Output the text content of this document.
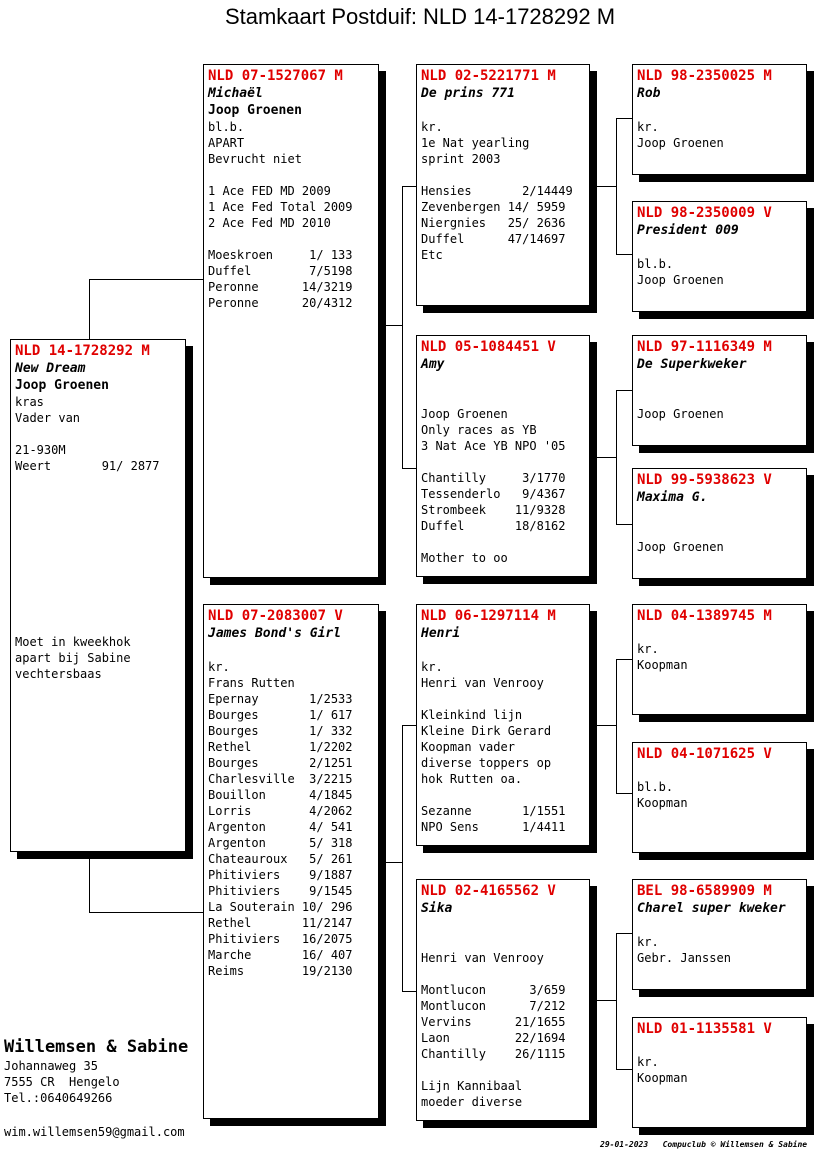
Stamkaart Postduif: NLD 14-1728292 M
NLD 14-1728292 M
New Dream
Joop Groenen
kras
Vader van
21-930M
Weert       91/ 2877
Moet in kweekhok
apart bij Sabine
vechtersbaas
NLD 07-1527067 M
Michaël
Joop Groenen
bl.b.
APART
Bevrucht niet
1 Ace FED MD 2009
1 Ace Fed Total 2009
2 Ace Fed MD 2010
Moeskroen     1/ 133
Duffel        7/5198
Peronne      14/3219
Peronne      20/4312
NLD 07-2083007 V
James Bond's Girl
kr.
Frans Rutten
Epernay       1/2533
Bourges       1/ 617
Bourges       1/ 332
Rethel        1/2202
Bourges       2/1251
Charlesville  3/2215
Bouillon      4/1845
Lorris        4/2062
Argenton      4/ 541
Argenton      5/ 318
Chateauroux   5/ 261
Phitiviers    9/1887
Phitiviers    9/1545
La Souterain 10/ 296
Rethel       11/2147
Phitiviers   16/2075
Marche       16/ 407
Reims        19/2130
NLD 02-5221771 M
De prins 771
kr.
1e Nat yearling
sprint 2003
Hensies       2/14449
Zevenbergen 14/ 5959
Niergnies   25/ 2636
Duffel      47/14697
Etc
NLD 05-1084451 V
Amy
Joop Groenen
Only races as YB
3 Nat Ace YB NPO '05
Chantilly     3/1770
Tessenderlo   9/4367
Strombeek    11/9328
Duffel       18/8162
Mother to oo
NLD 06-1297114 M
Henri
kr.
Henri van Venrooy
Kleinkind lijn
Kleine Dirk Gerard
Koopman vader
diverse toppers op
hok Rutten oa.
Sezanne       1/1551
NPO Sens      1/4411
NLD 02-4165562 V
Sika
Henri van Venrooy
Montlucon      3/659
Montlucon      7/212
Vervins      21/1655
Laon         22/1694
Chantilly    26/1115
Lijn Kannibaal
moeder diverse
NLD 98-2350025 M
Rob
kr.
Joop Groenen
NLD 98-2350009 V
President 009
bl.b.
Joop Groenen
NLD 97-1116349 M
De Superkweker
Joop Groenen
NLD 99-5938623 V
Maxima G.
Joop Groenen
NLD 04-1389745 M
kr.
Koopman
NLD 04-1071625 V
bl.b.
Koopman
BEL 98-6589909 M
Charel super kweker
kr.
Gebr. Janssen
NLD 01-1135581 V
kr.
Koopman
Willemsen & Sabine
Johannaweg 35
7555 CR  Hengelo
Tel.:0640649266
wim.willemsen59@gmail.com
29-01-2023   Compuclub © Willemsen & Sabine
